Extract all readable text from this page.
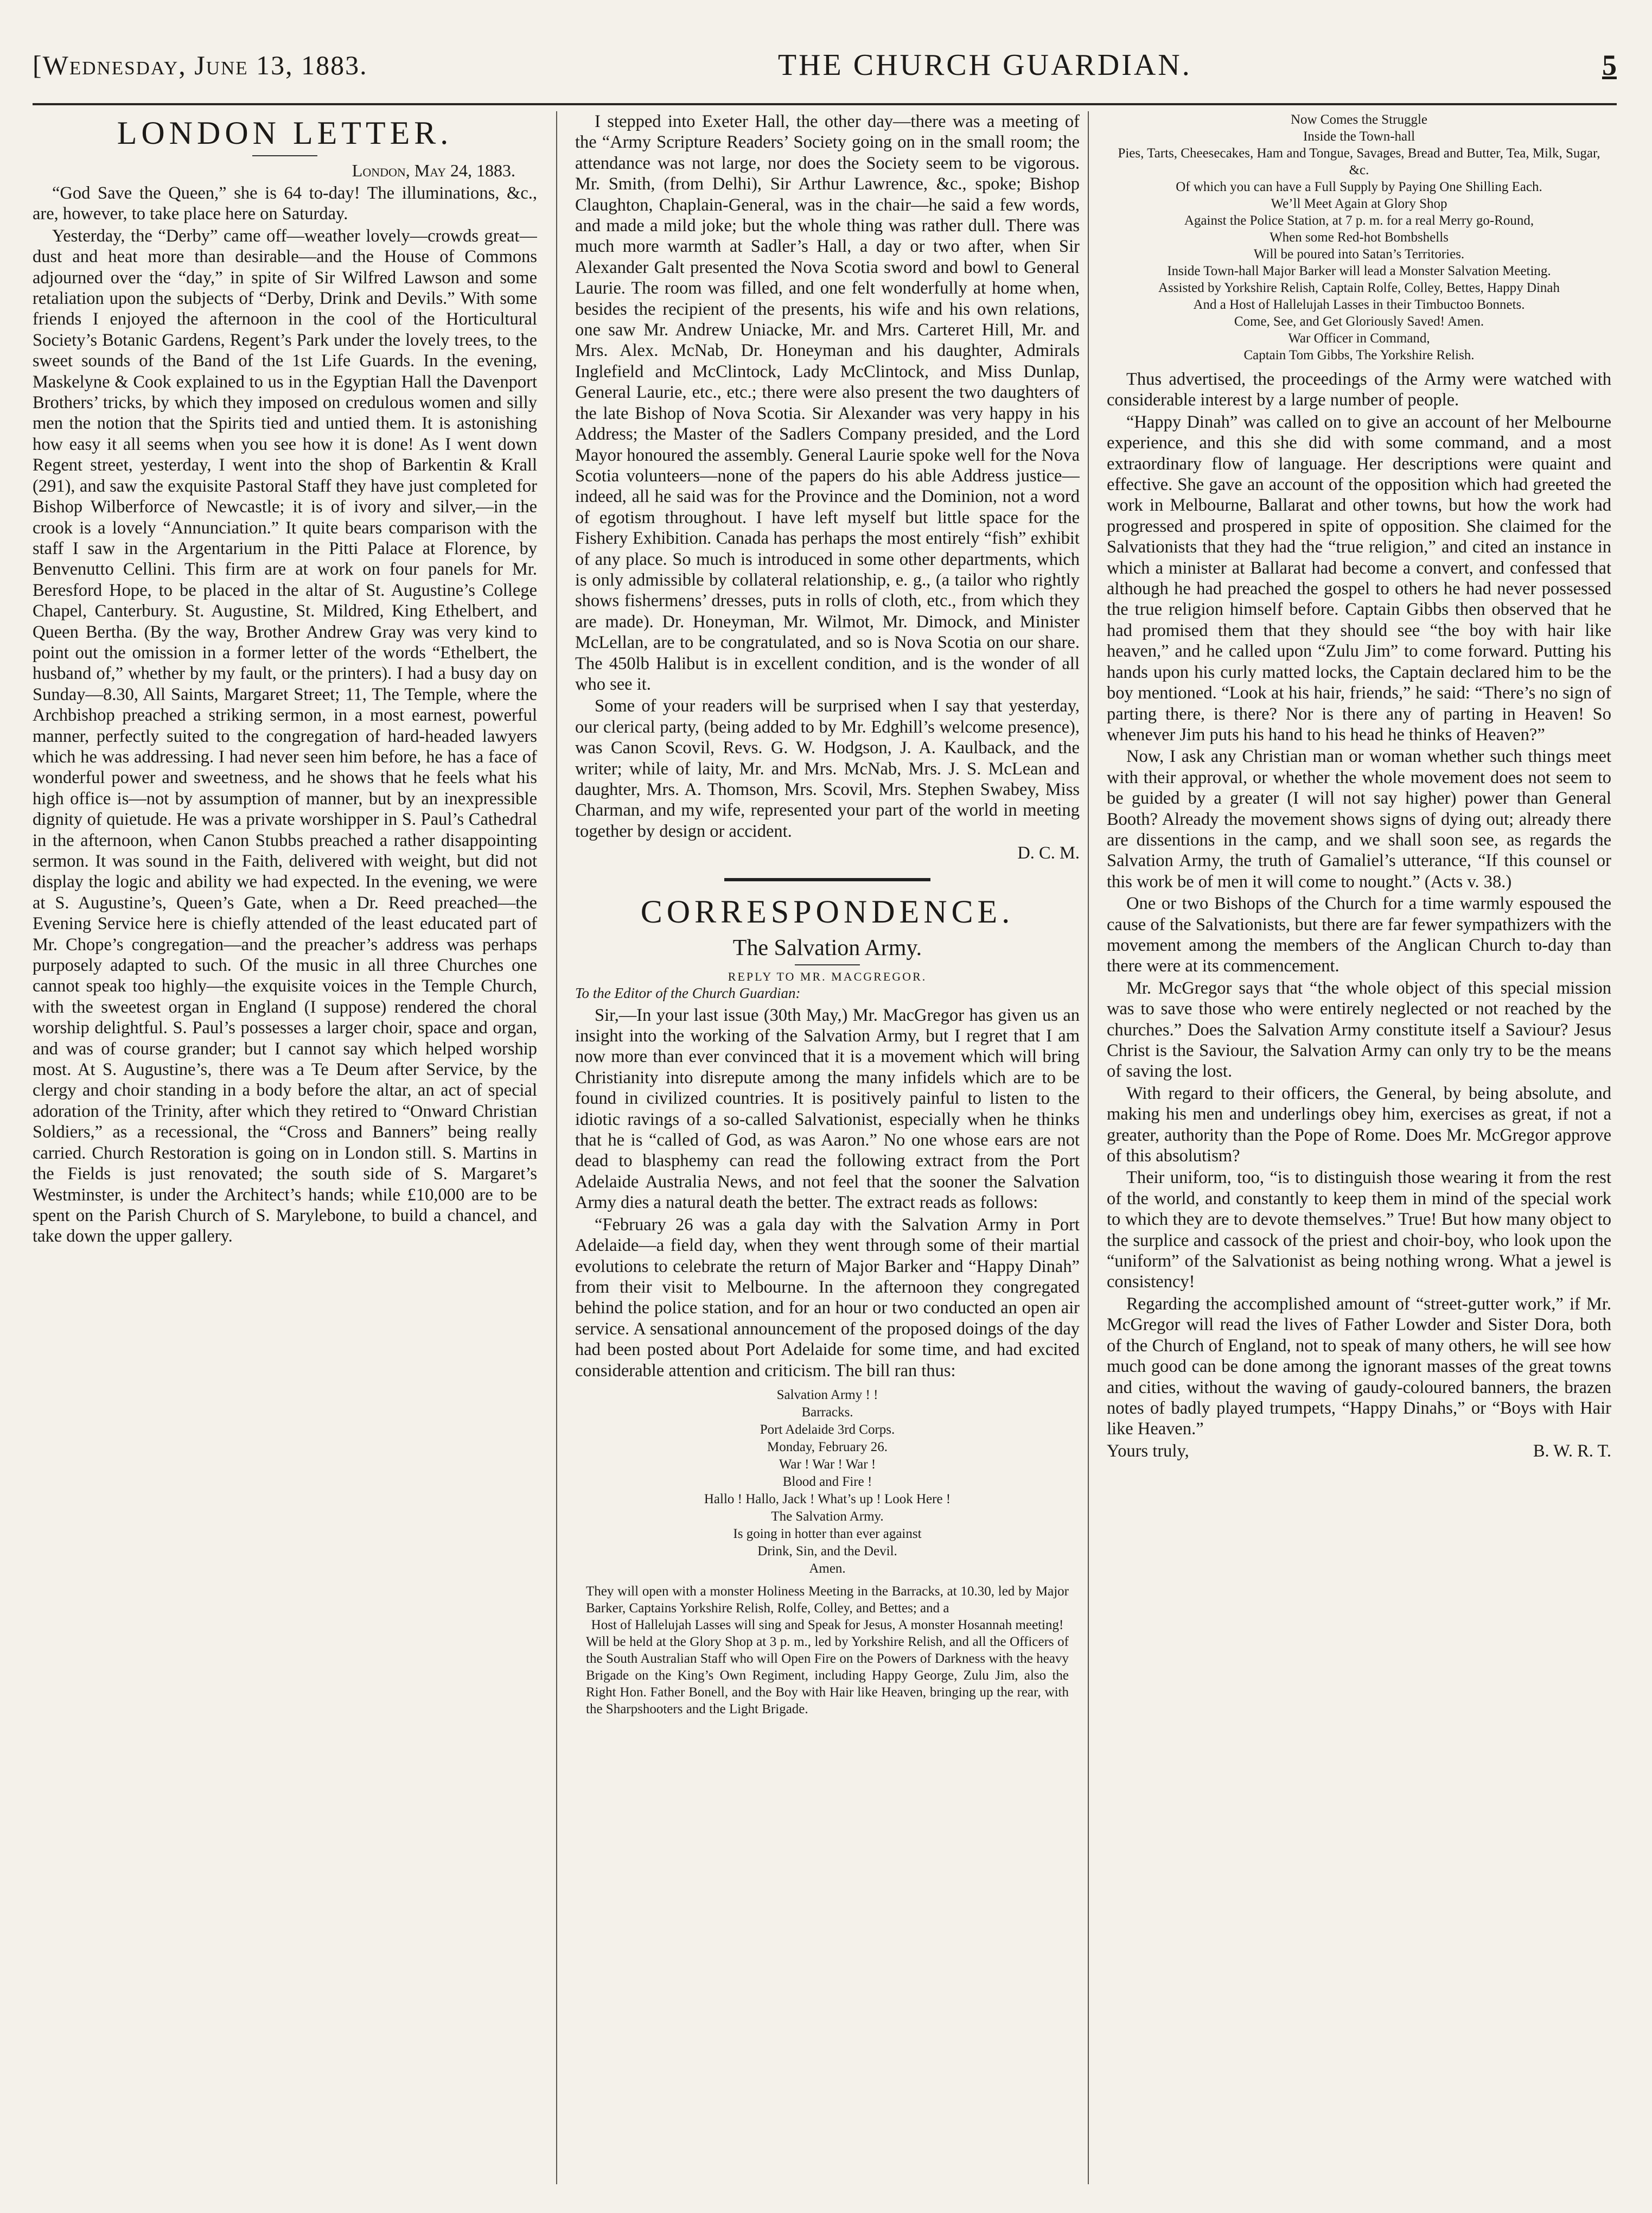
[Wednesday, June 13, 1883.	THE CHURCH GUARDIAN.	5
LONDON LETTER.
London, May 24, 1883.

“God Save the Queen,” she is 64 to-day! The illuminations, &c., are, however, to take place here on Saturday.

Yesterday, the “Derby” came off—weather lovely—crowds great—dust and heat more than desirable—and the House of Commons adjourned over the “day,” in spite of Sir Wilfred Lawson and some retaliation upon the subjects of “Derby, Drink and Devils.” With some friends I enjoyed the afternoon in the cool of the Horticultural Society’s Botanic Gardens, Regent’s Park under the lovely trees, to the sweet sounds of the Band of the 1st Life Guards. In the evening, Maskelyne & Cook explained to us in the Egyptian Hall the Davenport Brothers’ tricks, by which they imposed on credulous women and silly men the notion that the Spirits tied and untied them. It is astonishing how easy it all seems when you see how it is done! As I went down Regent street, yesterday, I went into the shop of Barkentin & Krall (291), and saw the exquisite Pastoral Staff they have just completed for Bishop Wilberforce of Newcastle; it is of ivory and silver,—in the crook is a lovely “Annunciation.” It quite bears comparison with the staff I saw in the Argentarium in the Pitti Palace at Florence, by Benvenutto Cellini. This firm are at work on four panels for Mr. Beresford Hope, to be placed in the altar of St. Augustine’s College Chapel, Canterbury. St. Augustine, St. Mildred, King Ethelbert, and Queen Bertha. (By the way, Brother Andrew Gray was very kind to point out the omission in a former letter of the words “Ethelbert, the husband of,” whether by my fault, or the printers). I had a busy day on Sunday—8.30, All Saints, Margaret Street; 11, The Temple, where the Archbishop preached a striking sermon, in a most earnest, powerful manner, perfectly suited to the congregation of hard-headed lawyers which he was addressing. I had never seen him before, he has a face of wonderful power and sweetness, and he shows that he feels what his high office is—not by assumption of manner, but by an inexpressible dignity of quietude. He was a private worshipper in S. Paul’s Cathedral in the afternoon, when Canon Stubbs preached a rather disappointing sermon. It was sound in the Faith, delivered with weight, but did not display the logic and ability we had expected. In the evening, we were at S. Augustine’s, Queen’s Gate, when a Dr. Reed preached—the Evening Service here is chiefly attended of the least educated part of Mr. Chope’s congregation—and the preacher’s address was perhaps purposely adapted to such. Of the music in all three Churches one cannot speak too highly—the exquisite voices in the Temple Church, with the sweetest organ in England (I suppose) rendered the choral worship delightful. S. Paul’s possesses a larger choir, space and organ, and was of course grander; but I cannot say which helped worship most. At S. Augustine’s, there was a Te Deum after Service, by the clergy and choir standing in a body before the altar, an act of special adoration of the Trinity, after which they retired to “Onward Christian Soldiers,” as a recessional, the “Cross and Banners” being really carried. Church Restoration is going on in London still. S. Martins in the Fields is just renovated; the south side of S. Margaret’s Westminster, is under the Architect’s hands; while £10,000 are to be spent on the Parish Church of S. Marylebone, to build a chancel, and take down the upper gallery.

I stepped into Exeter Hall, the other day—there was a meeting of the “Army Scripture Readers’ Society going on in the small room; the attendance was not large, nor does the Society seem to be vigorous. Mr. Smith, (from Delhi), Sir Arthur Lawrence, &c., spoke; Bishop Claughton, Chaplain-General, was in the chair—he said a few words, and made a mild joke; but the whole thing was rather dull. There was much more warmth at Sadler’s Hall, a day or two after, when Sir Alexander Galt presented the Nova Scotia sword and bowl to General Laurie. The room was filled, and one felt wonderfully at home when, besides the recipient of the presents, his wife and his own relations, one saw Mr. Andrew Uniacke, Mr. and Mrs. Carteret Hill, Mr. and Mrs. Alex. McNab, Dr. Honeyman and his daughter, Admirals Inglefield and McClintock, Lady McClintock, and Miss Dunlap, General Laurie, etc., etc.; there were also present the two daughters of the late Bishop of Nova Scotia. Sir Alexander was very happy in his Address; the Master of the Sadlers Company presided, and the Lord Mayor honoured the assembly. General Laurie spoke well for the Nova Scotia volunteers—none of the papers do his able Address justice—indeed, all he said was for the Province and the Dominion, not a word of egotism throughout. I have left myself but little space for the Fishery Exhibition. Canada has perhaps the most entirely “fish” exhibit of any place. So much is introduced in some other departments, which is only admissible by collateral relationship, e. g., (a tailor who rightly shows fishermens’ dresses, puts in rolls of cloth, etc., from which they are made). Dr. Honeyman, Mr. Wilmot, Mr. Dimock, and Minister McLellan, are to be congratulated, and so is Nova Scotia on our share. The 450lb Halibut is in excellent condition, and is the wonder of all who see it.

Some of your readers will be surprised when I say that yesterday, our clerical party, (being added to by Mr. Edghill’s welcome presence), was Canon Scovil, Revs. G. W. Hodgson, J. A. Kaulback, and the writer; while of laity, Mr. and Mrs. McNab, Mrs. J. S. McLean and daughter, Mrs. A. Thomson, Mrs. Scovil, Mrs. Stephen Swabey, Miss Charman, and my wife, represented your part of the world in meeting together by design or accident.

D. C. M.
CORRESPONDENCE.
The Salvation Army.
REPLY TO MR. MACGREGOR.
To the Editor of the Church Guardian:

Sir,—In your last issue (30th May,) Mr. MacGregor has given us an insight into the working of the Salvation Army, but I regret that I am now more than ever convinced that it is a movement which will bring Christianity into disrepute among the many infidels which are to be found in civilized countries. It is positively painful to listen to the idiotic ravings of a so-called Salvationist, especially when he thinks that he is “called of God, as was Aaron.” No one whose ears are not dead to blasphemy can read the following extract from the Port Adelaide Australia News, and not feel that the sooner the Salvation Army dies a natural death the better. The extract reads as follows:

“February 26 was a gala day with the Salvation Army in Port Adelaide—a field day, when they went through some of their martial evolutions to celebrate the return of Major Barker and “Happy Dinah” from their visit to Melbourne. In the afternoon they congregated behind the police station, and for an hour or two conducted an open air service. A sensational announcement of the proposed doings of the day had been posted about Port Adelaide for some time, and had excited considerable attention and criticism. The bill ran thus:

Salvation Army ! !
Barracks.
Port Adelaide 3rd Corps.
Monday, February 26.
War ! War ! War !
Blood and Fire !
Hallo ! Hallo, Jack ! What’s up ! Look Here !
The Salvation Army.
Is going in hotter than ever against
Drink, Sin, and the Devil.
Amen.

They will open with a monster Holiness Meeting in the Barracks, at 10.30, led by Major Barker, Captains Yorkshire Relish, Rolfe, Colley, and Bettes; and a

Host of Hallelujah Lasses will sing and Speak for Jesus, A monster Hosannah meeting!

Will be held at the Glory Shop at 3 p. m., led by Yorkshire Relish, and all the Officers of the South Australian Staff who will Open Fire on the Powers of Darkness with the heavy Brigade on the King’s Own Regiment, including Happy George, Zulu Jim, also the Right Hon. Father Bonell, and the Boy with Hair like Heaven, bringing up the rear, with the Sharpshooters and the Light Brigade.

Now Comes the Struggle
Inside the Town-hall
Pies, Tarts, Cheesecakes, Ham and Tongue, Savages, Bread and Butter, Tea, Milk, Sugar, &c.
Of which you can have a Full Supply by Paying One Shilling Each.
We’ll Meet Again at Glory Shop
Against the Police Station, at 7 p. m. for a real Merry go-Round,
When some Red-hot Bombshells
Will be poured into Satan’s Territories.
Inside Town-hall Major Barker will lead a Monster Salvation Meeting.
Assisted by Yorkshire Relish, Captain Rolfe, Colley, Bettes, Happy Dinah
And a Host of Hallelujah Lasses in their Timbuctoo Bonnets.
Come, See, and Get Gloriously Saved! Amen.
War Officer in Command,
Captain Tom Gibbs, The Yorkshire Relish.

Thus advertised, the proceedings of the Army were watched with considerable interest by a large number of people.

“Happy Dinah” was called on to give an account of her Melbourne experience, and this she did with some command, and a most extraordinary flow of language. Her descriptions were quaint and effective. She gave an account of the opposition which had greeted the work in Melbourne, Ballarat and other towns, but how the work had progressed and prospered in spite of opposition. She claimed for the Salvationists that they had the “true religion,” and cited an instance in which a minister at Ballarat had become a convert, and confessed that although he had preached the gospel to others he had never possessed the true religion himself before. Captain Gibbs then observed that he had promised them that they should see “the boy with hair like heaven,” and he called upon “Zulu Jim” to come forward. Putting his hands upon his curly matted locks, the Captain declared him to be the boy mentioned. “Look at his hair, friends,” he said: “There’s no sign of parting there, is there? Nor is there any of parting in Heaven! So whenever Jim puts his hand to his head he thinks of Heaven?”

Now, I ask any Christian man or woman whether such things meet with their approval, or whether the whole movement does not seem to be guided by a greater (I will not say higher) power than General Booth? Already the movement shows signs of dying out; already there are dissentions in the camp, and we shall soon see, as regards the Salvation Army, the truth of Gamaliel’s utterance, “If this counsel or this work be of men it will come to nought.” (Acts v. 38.)

One or two Bishops of the Church for a time warmly espoused the cause of the Salvationists, but there are far fewer sympathizers with the movement among the members of the Anglican Church to-day than there were at its commencement.

Mr. McGregor says that “the whole object of this special mission was to save those who were entirely neglected or not reached by the churches.” Does the Salvation Army constitute itself a Saviour? Jesus Christ is the Saviour, the Salvation Army can only try to be the means of saving the lost.

With regard to their officers, the General, by being absolute, and making his men and underlings obey him, exercises as great, if not a greater, authority than the Pope of Rome. Does Mr. McGregor approve of this absolutism?

Their uniform, too, “is to distinguish those wearing it from the rest of the world, and constantly to keep them in mind of the special work to which they are to devote themselves.” True! But how many object to the surplice and cassock of the priest and choir-boy, who look upon the “uniform” of the Salvationist as being nothing wrong. What a jewel is consistency!

Regarding the accomplished amount of “street-gutter work,” if Mr. McGregor will read the lives of Father Lowder and Sister Dora, both of the Church of England, not to speak of many others, he will see how much good can be done among the ignorant masses of the great towns and cities, without the waving of gaudy-coloured banners, the brazen notes of badly played trumpets, “Happy Dinahs,” or “Boys with Hair like Heaven.”

Yours truly,	B. W. R. T.
